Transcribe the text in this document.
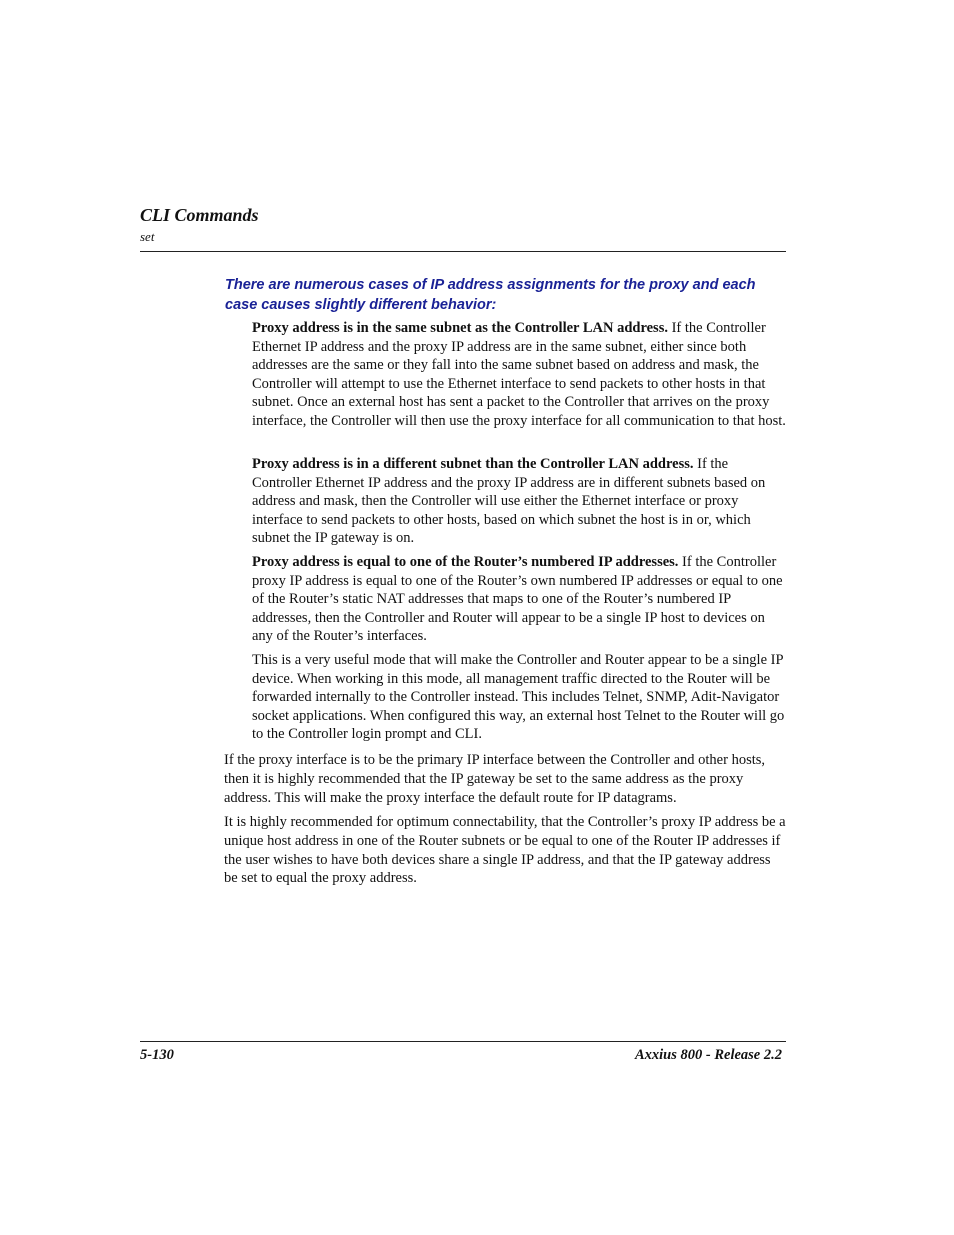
CLI Commands
set
There are numerous cases of IP address assignments for the proxy and each case causes slightly different behavior:

Proxy address is in the same subnet as the Controller LAN address. If the Controller Ethernet IP address and the proxy IP address are in the same subnet, either since both addresses are the same or they fall into the same subnet based on address and mask, the Controller will attempt to use the Ethernet interface to send packets to other hosts in that subnet. Once an external host has sent a packet to the Controller that arrives on the proxy interface, the Controller will then use the proxy interface for all communication to that host.

Proxy address is in a different subnet than the Controller LAN address. If the Controller Ethernet IP address and the proxy IP address are in different subnets based on address and mask, then the Controller will use either the Ethernet interface or proxy interface to send packets to other hosts, based on which subnet the host is in or, which subnet the IP gateway is on.

Proxy address is equal to one of the Router’s numbered IP addresses. If the Controller proxy IP address is equal to one of the Router’s own numbered IP addresses or equal to one of the Router’s static NAT addresses that maps to one of the Router’s numbered IP addresses, then the Controller and Router will appear to be a single IP host to devices on any of the Router’s interfaces.

This is a very useful mode that will make the Controller and Router appear to be a single IP device. When working in this mode, all management traffic directed to the Router will be forwarded internally to the Controller instead. This includes Telnet, SNMP, Adit-Navigator socket applications. When configured this way, an external host Telnet to the Router will go to the Controller login prompt and CLI.

If the proxy interface is to be the primary IP interface between the Controller and other hosts, then it is highly recommended that the IP gateway be set to the same address as the proxy address. This will make the proxy interface the default route for IP datagrams.

It is highly recommended for optimum connectability, that the Controller’s proxy IP address be a unique host address in one of the Router subnets or be equal to one of the Router IP addresses if the user wishes to have both devices share a single IP address, and that the IP gateway address be set to equal the proxy address.

5-130	Axxius 800 - Release 2.2
